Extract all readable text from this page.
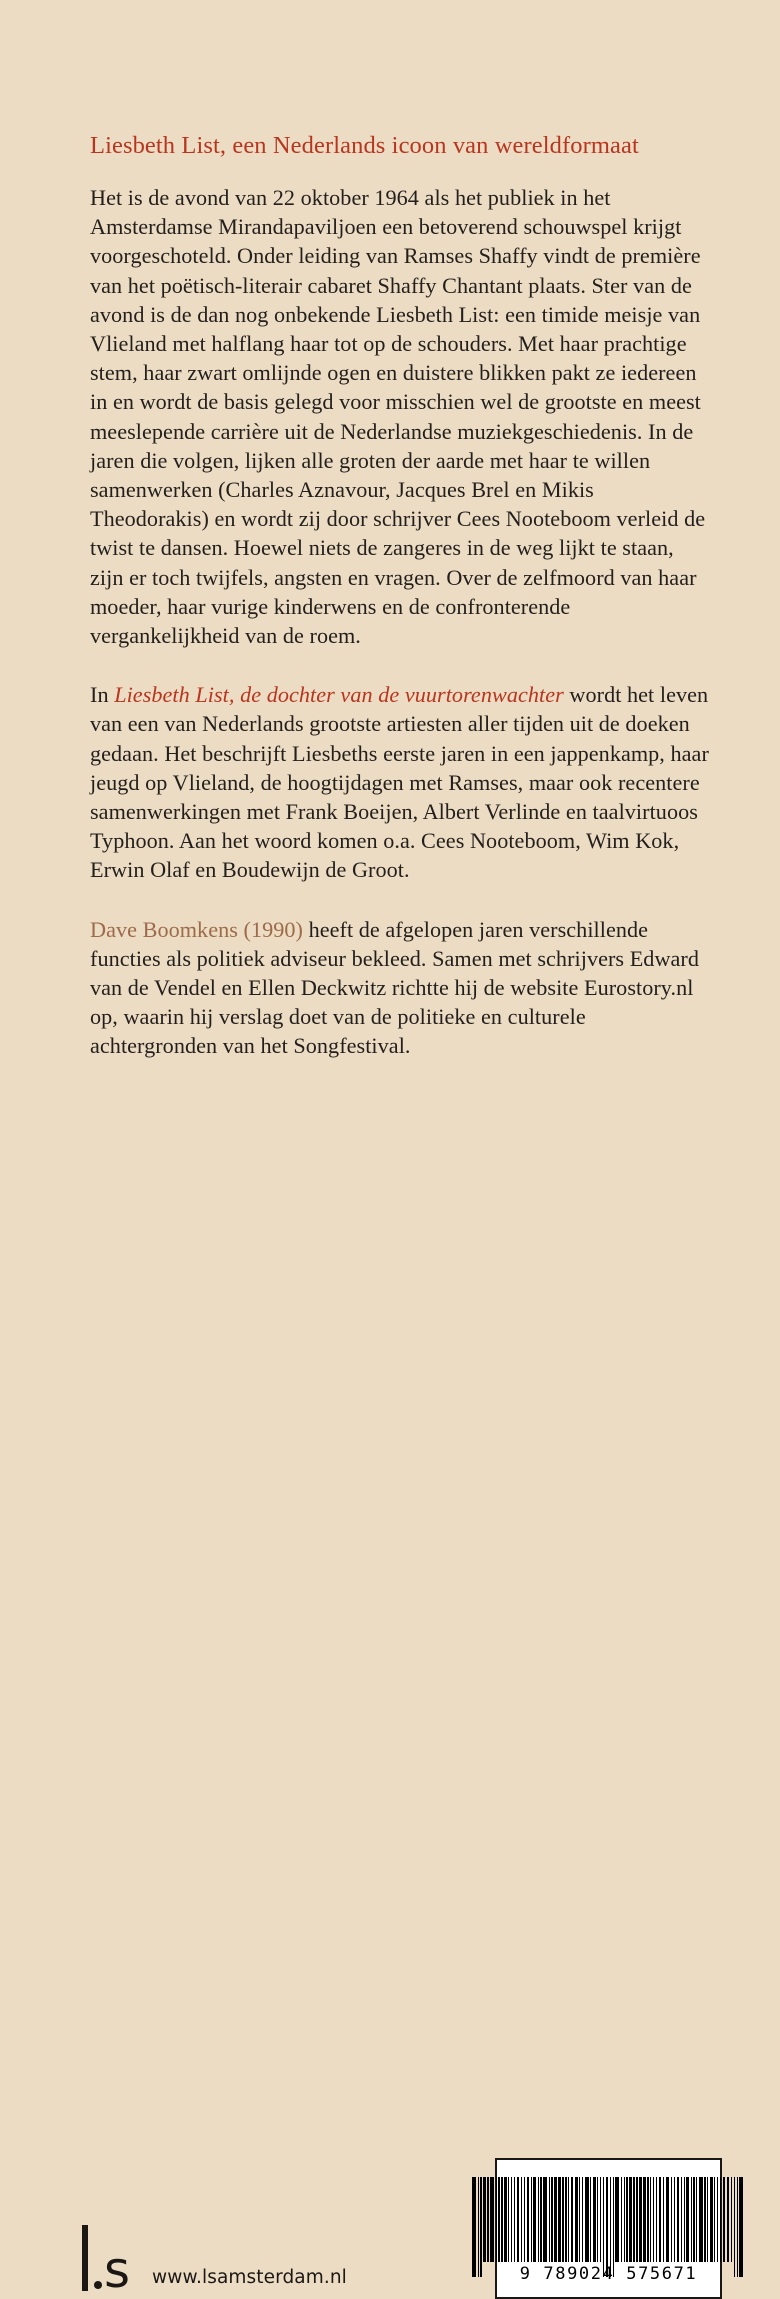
Liesbeth List, een Nederlands icoon van wereldformaat

Het is de avond van 22 oktober 1964 als het publiek in het Amsterdamse Mirandapaviljoen een betoverend schouwspel krijgt voorgeschoteld. Onder leiding van Ramses Shaffy vindt de première van het poëtisch-literair cabaret Shaffy Chantant plaats. Ster van de avond is de dan nog onbekende Liesbeth List: een timide meisje van Vlieland met halflang haar tot op de schouders. Met haar prachtige stem, haar zwart omlijnde ogen en duistere blikken pakt ze iedereen in en wordt de basis gelegd voor misschien wel de grootste en meest meeslepende carrière uit de Nederlandse muziekgeschiedenis. In de jaren die volgen, lijken alle groten der aarde met haar te willen samenwerken (Charles Aznavour, Jacques Brel en Mikis Theodorakis) en wordt zij door schrijver Cees Nooteboom verleid de twist te dansen. Hoewel niets de zangeres in de weg lijkt te staan, zijn er toch twijfels, angsten en vragen. Over de zelfmoord van haar moeder, haar vurige kinderwens en de confronterende vergankelijkheid van de roem.

In Liesbeth List, de dochter van de vuurtorenwachter wordt het leven van een van Nederlands grootste artiesten aller tijden uit de doeken gedaan. Het beschrijft Liesbeths eerste jaren in een jappenkamp, haar jeugd op Vlieland, de hoogtijdagen met Ramses, maar ook recentere samenwerkingen met Frank Boeijen, Albert Verlinde en taalvirtuoos Typhoon. Aan het woord komen o.a. Cees Nooteboom, Wim Kok, Erwin Olaf en Boudewijn de Groot.

Dave Boomkens (1990) heeft de afgelopen jaren verschillende functies als politiek adviseur bekleed. Samen met schrijvers Edward van de Vendel en Ellen Deckwitz richtte hij de website Eurostory.nl op, waarin hij verslag doet van de politieke en culturele achtergronden van het Songfestival.

s www.lsamsterdam.nl	9 789024 575671
